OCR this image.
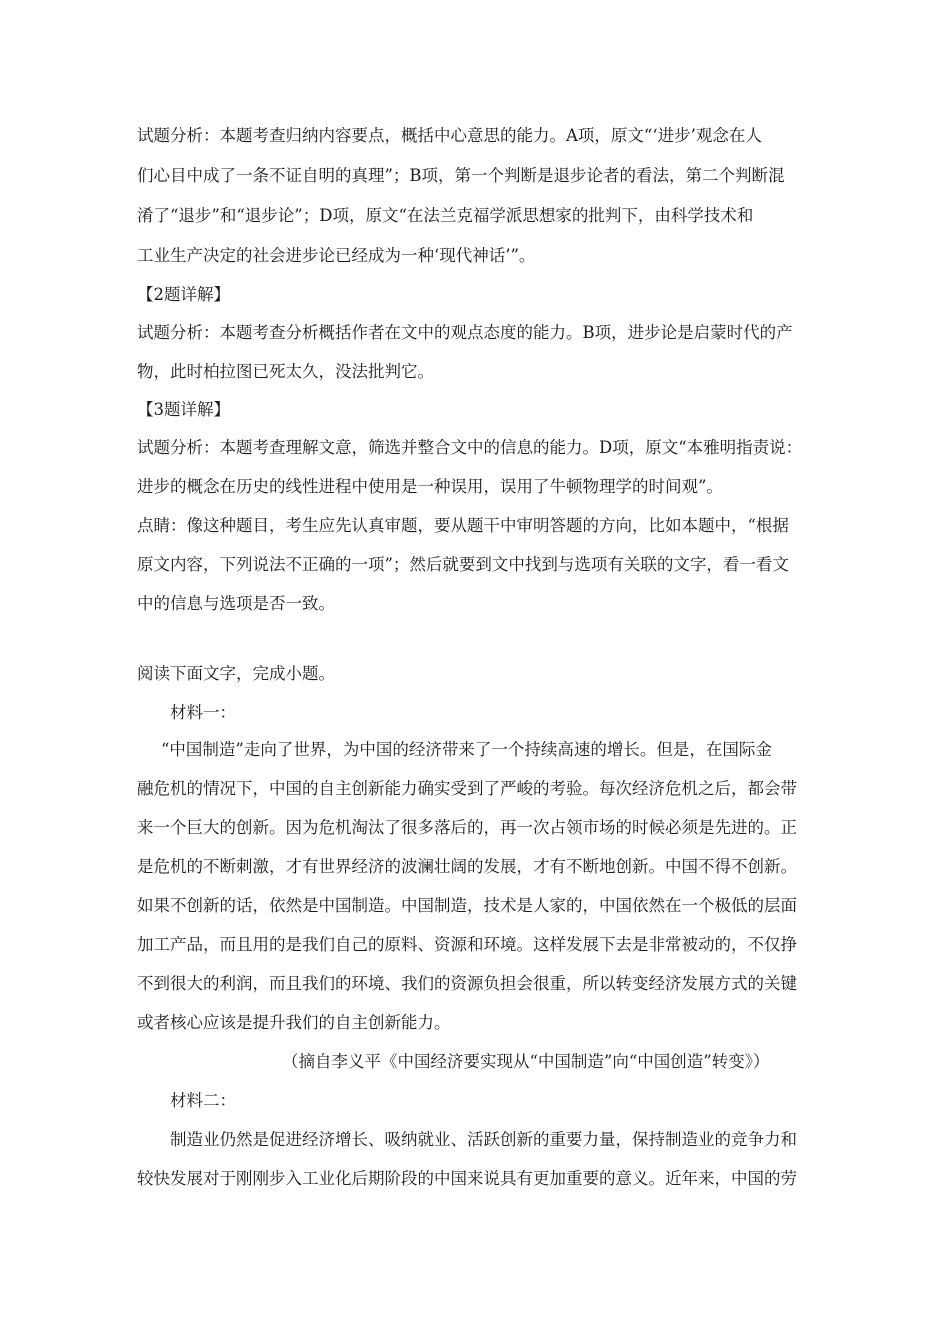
试题分析：本题考查归纳内容要点，概括中心意思的能力。A项，原文“‘进步’观念在人

们心目中成了一条不证自明的真理”；B项，第一个判断是退步论者的看法，第二个判断混

淆了“退步”和“退步论”；D项，原文“在法兰克福学派思想家的批判下，由科学技术和

工业生产决定的社会进步论已经成为一种‘现代神话’”。

【2题详解】

试题分析：本题考查分析概括作者在文中的观点态度的能力。B项，进步论是启蒙时代的产

物，此时柏拉图已死太久，没法批判它。

【3题详解】

试题分析：本题考查理解文意，筛选并整合文中的信息的能力。D项，原文“本雅明指责说：

进步的概念在历史的线性进程中使用是一种误用，误用了牛顿物理学的时间观”。

点睛：像这种题目，考生应先认真审题，要从题干中审明答题的方向，比如本题中，“根据

原文内容，下列说法不正确的一项”；然后就要到文中找到与选项有关联的文字，看一看文

中的信息与选项是否一致。

阅读下面文字，完成小题。

材料一：

“中国制造”走向了世界，为中国的经济带来了一个持续高速的增长。但是，在国际金

融危机的情况下，中国的自主创新能力确实受到了严峻的考验。每次经济危机之后，都会带

来一个巨大的创新。因为危机淘汰了很多落后的，再一次占领市场的时候必须是先进的。正

是危机的不断刺激，才有世界经济的波澜壮阔的发展，才有不断地创新。中国不得不创新。

如果不创新的话，依然是中国制造。中国制造，技术是人家的，中国依然在一个极低的层面

加工产品，而且用的是我们自己的原料、资源和环境。这样发展下去是非常被动的，不仅挣

不到很大的利润，而且我们的环境、我们的资源负担会很重，所以转变经济发展方式的关键

或者核心应该是提升我们的自主创新能力。

（摘自李义平《中国经济要实现从“中国制造”向“中国创造”转变》）

材料二：

制造业仍然是促进经济增长、吸纳就业、活跃创新的重要力量，保持制造业的竞争力和

较快发展对于刚刚步入工业化后期阶段的中国来说具有更加重要的意义。近年来，中国的劳
